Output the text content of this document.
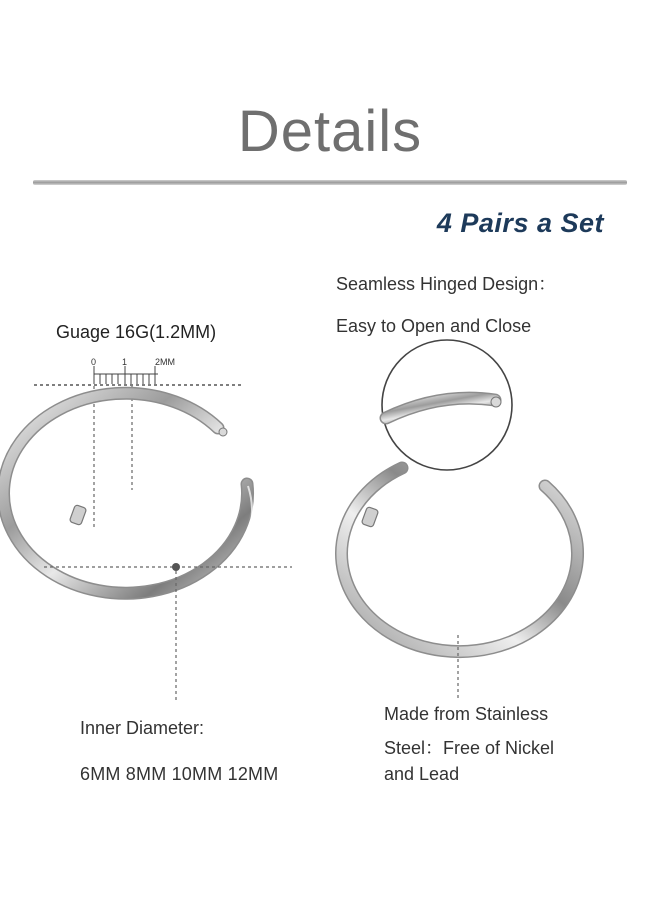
Details
4 Pairs a Set
Guage 16G(1.2MM)
Seamless Hinged Design：
Easy to Open and Close
Inner Diameter:
6MM 8MM 10MM 12MM
Made from Stainless
Steel：Free of Nickel
and Lead
0	1	2MM
